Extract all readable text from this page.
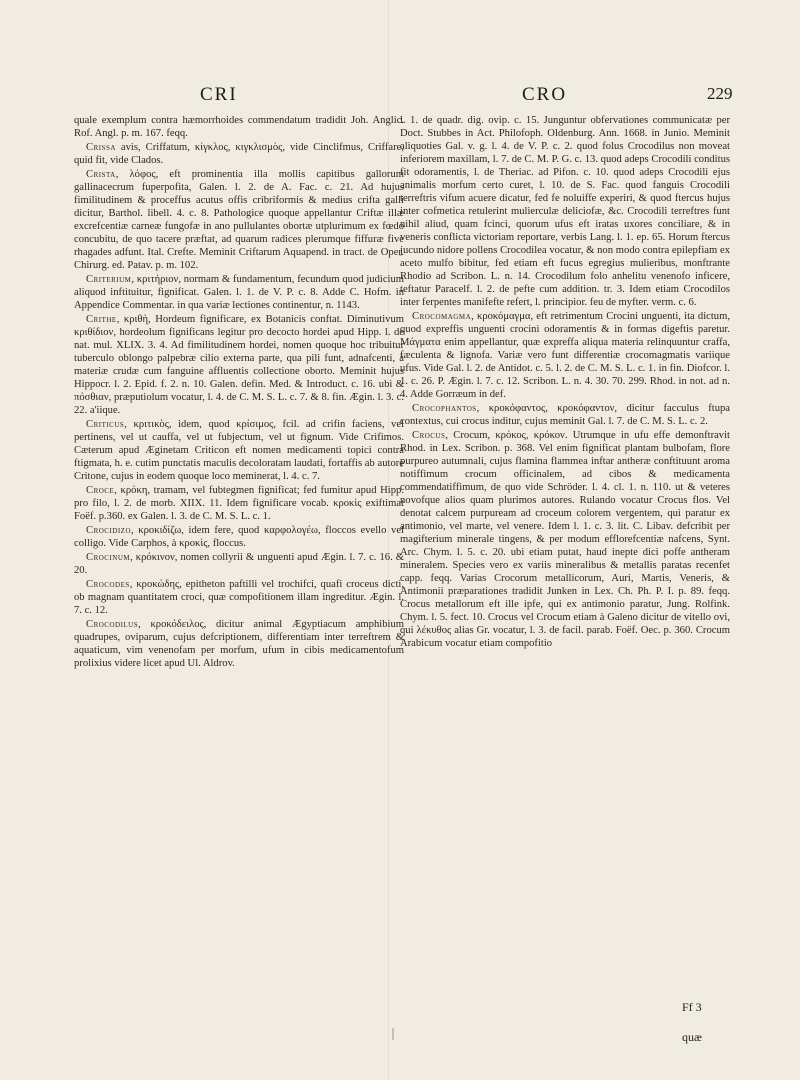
CRI	CRO	229

quale exemplum contra hæmorrhoides commendatum tradidit Joh. Anglic. Rof. Angl. p. m. 167. feqq.

Crissa avis, Criffatum, κίγκλος, κιγκλισμὸς, vide Cinclifmus, Criffare, quid fit, vide Clados.

Crista, λόφος, eft prominentia illa mollis capitibus gallorum gallinacecrum fuperpofita, Galen. l. 2. de A. Fac. c. 21. Ad hujus fimilitudinem & proceffus acutus offis cribriformis & medius crifta galli dicitur, Barthol. libell. 4. c. 8. Pathologice quoque appellantur Criftæ illæ excrefcentiæ carneæ fungofæ in ano pullulantes obortæ utplurimum ex fœdo concubitu, de quo tacere præftat, ad quarum radices plerumque fiffuræ five rhagades adfunt. Ital. Crefte. Meminit Criftarum Aquapend. in tract. de Oper. Chirurg. ed. Patav. p. m. 102.

Criterium, κριτήριον, normam & fundamentum, fecundum quod judicium aliquod inftituitur, fignificat. Galen. l. 1. de V. P. c. 8. Adde C. Hofm. in Appendice Commentar. in qua variæ lectiones continentur, n. 1143.

Crithe, κριθὴ, Hordeum fignificare, ex Botanicis conftat. Diminutivum κριθίδιον, hordeolum fignificans legitur pro decocto hordei apud Hipp. l. de nat. mul. XLIX. 3. 4. Ad fimilitudinem hordei, nomen quoque hoc tribuitur tuberculo oblongo palpebræ cilio externa parte, qua pili funt, adnafcenti, à materiæ crudæ cum fanguine affluentis collectione oborto. Meminit hujus Hippocr. l. 2. Epid. f. 2. n. 10. Galen. defin. Med. & Introduct. c. 16. ubi & πόσθιαν, præputiolum vocatur, l. 4. de C. M. S. L. c. 7. & 8. fin. Ægin. l. 3. c. 22. a'iique.

Criticus, κριτικὸς, idem, quod κρίσιμος, fcil. ad crifin faciens, vel pertinens, vel ut cauffa, vel ut fubjectum, vel ut fignum. Vide Crifimos. Cæterum apud Æginetam Criticon eft nomen medicamenti topici contra ftigmata, h. e. cutim punctatis maculis decoloratam laudati, fortaffis ab autore Critone, cujus in eodem quoque loco meminerat, l. 4. c. 7.

Croce, κρόκη, tramam, vel fubtegmen fignificat; fed fumitur apud Hipp. pro filo, l. 2. de morb. XIIX. 11. Idem fignificare vocab. κροκὶς exiftimat Foëf. p.360. ex Galen. l. 3. de C. M. S. L. c. 1.

Crocidizo, κροκιδίζω, idem fere, quod καρφολογέω, floccos evello vel colligo. Vide Carphos, à κροκὶς, floccus.

Crocinum, κρόκινον, nomen collyrii & unguenti apud Ægin. l. 7. c. 16. & 20.

Crocodes, κροκώδης, epitheton paftilli vel trochifci, quafi croceus dicti, ob magnam quantitatem croci, quæ compofitionem illam ingreditur. Ægin. l. 7. c. 12.

Crocodilus, κροκόδειλος, dicitur animal Ægyptiacum amphibium quadrupes, oviparum, cujus defcriptionem, differentiam inter terreftrem & aquaticum, vim venenofam per morfum, ufum in cibis medicamentofum prolixius videre licet apud Ul. Aldrov.

l. 1. de quadr. dig. ovip. c. 15. Junguntur obfervationes communicatæ per Doct. Stubbes in Act. Philofoph. Oldenburg. Ann. 1668. in Junio. Meminit aliquoties Gal. v. g. l. 4. de V. P. c. 2. quod folus Crocodilus non moveat inferiorem maxillam, l. 7. de C. M. P. G. c. 13. quod adeps Crocodili conditus fit odoramentis, l. de Theriac. ad Pifon. c. 10. quod adeps Crocodili ejus animalis morfum certo curet, l. 10. de S. Fac. quod fanguis Crocodili terreftris vifum acuere dicatur, fed fe noluiffe experiri, & quod ftercus hujus inter cofmetica retulerint mulierculæ deliciofæ, &c. Crocodili terreftres funt nihil aliud, quam fcinci, quorum ufus eft iratas uxores conciliare, & in veneris conflicta victoriam reportare, verbis Lang. l. 1. ep. 65. Horum ftercus jucundo nidore pollens Crocodilea vocatur, & non modo contra epilepfiam ex aceto mulfo bibitur, fed etiam eft fucus egregius mulieribus, monftrante Rhodio ad Scribon. L. n. 14. Crocodilum folo anhelitu venenofo inficere, teftatur Paracelf. l. 2. de pefte cum addition. tr. 3. Idem etiam Crocodilos inter ferpentes manifefte refert, l. principior. feu de myfter. verm. c. 6.

Crocomagma, κροκόμαγμα, eft retrimentum Crocini unguenti, ita dictum, quod expreffis unguenti crocini odoramentis & in formas digeftis paretur. Μάγματα enim appellantur, quæ expreffa aliqua materia relinquuntur craffa, fæculenta & lignofa. Variæ vero funt differentiæ crocomagmatis variique ufus. Vide Gal. l. 2. de Antidot. c. 5. l. 2. de C. M. S. L. c. 1. in fin. Diofcor. l. 1. c. 26. P. Ægin. l. 7. c. 12. Scribon. L. n. 4. 30. 70. 299. Rhod. in not. ad n. 4. Adde Gorræum in def.

Crocophantos, κροκόφαντος, κροκόφαντον, dicitur facculus ftupa contextus, cui crocus inditur, cujus meminit Gal. l. 7. de C. M. S. L. c. 2.

Crocus, Crocum, κρόκος, κρόκον. Utrumque in ufu effe demonftravit Rhod. in Lex. Scribon. p. 368. Vel enim fignificat plantam bulbofam, flore purpureo autumnali, cujus flamina flammea inftar antheræ conftituunt aroma notiffimum crocum officinalem, ad cibos & medicamenta commendatiffimum, de quo vide Schröder. l. 4. cl. 1. n. 110. ut & veteres novofque alios quam plurimos autores. Rulando vocatur Crocus flos. Vel denotat calcem purpuream ad croceum colorem vergentem, qui paratur ex antimonio, vel marte, vel venere. Idem l. 1. c. 3. lit. C. Libav. defcribit per magifterium minerale tingens, & per modum efflorefcentiæ nafcens, Synt. Arc. Chym. l. 5. c. 20. ubi etiam putat, haud inepte dici poffe antheram mineralem. Species vero ex variis mineralibus & metallis paratas recenfet capp. feqq. Varias Crocorum metallicorum, Auri, Martis, Veneris, & Antimonii præparationes tradidit Junken in Lex. Ch. Ph. P. I. p. 89. feqq. Crocus metallorum eft ille ipfe, qui ex antimonio paratur, Jung. Rolfink. Chym. l. 5. fect. 10. Crocus vel Crocum etiam à Galeno dicitur de vitello ovi, qui λέκυθος alias Gr. vocatur, l. 3. de facil. parab. Foëf. Oec. p. 360. Crocum Arabicum vocatur etiam compofitio

Ff 3  quæ
